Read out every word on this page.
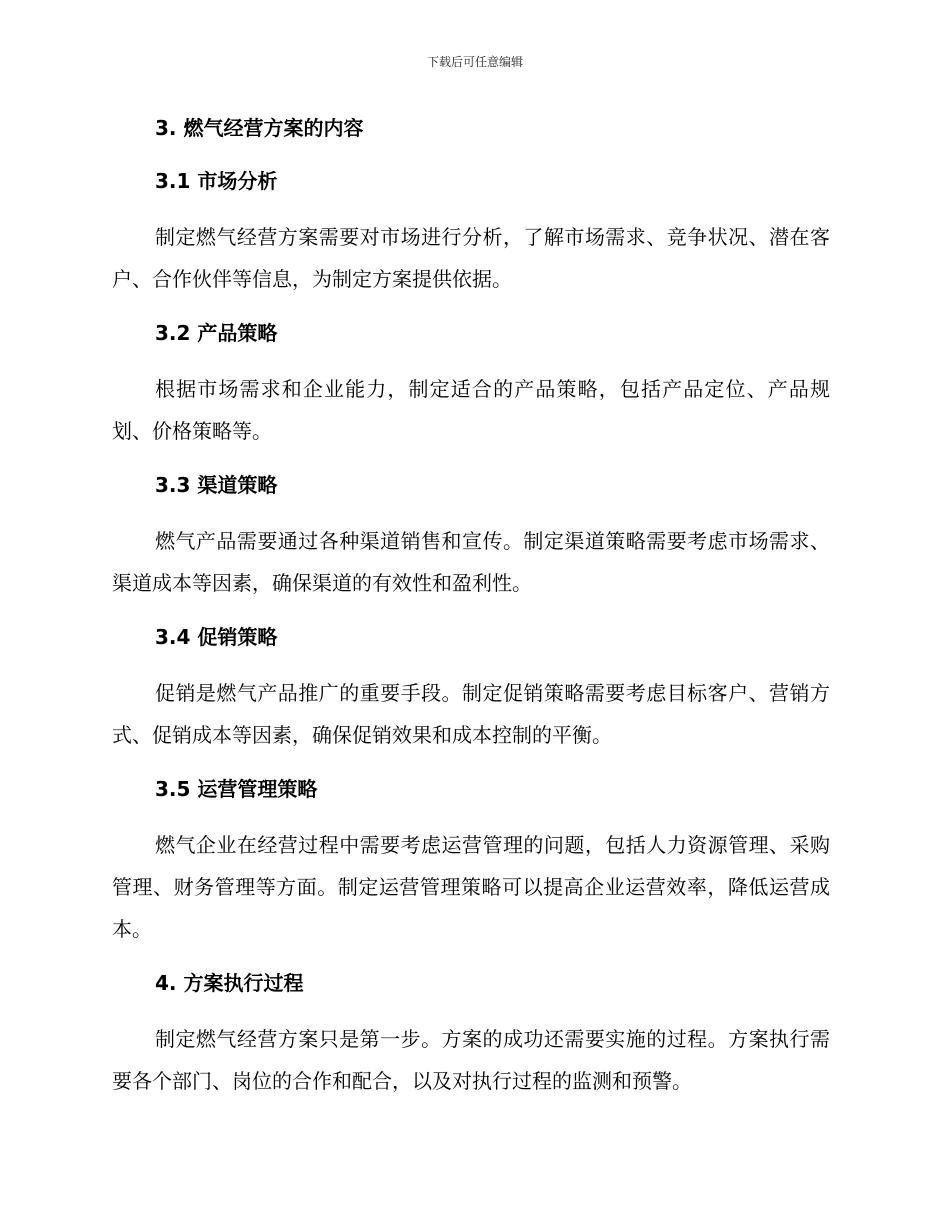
下载后可任意编辑
3. 燃气经营方案的内容
3.1 市场分析

制定燃气经营方案需要对市场进行分析，了解市场需求、竞争状况、潜在客户、合作伙伴等信息，为制定方案提供依据。

3.2 产品策略

根据市场需求和企业能力，制定适合的产品策略，包括产品定位、产品规划、价格策略等。

3.3 渠道策略

燃气产品需要通过各种渠道销售和宣传。制定渠道策略需要考虑市场需求、渠道成本等因素，确保渠道的有效性和盈利性。

3.4 促销策略

促销是燃气产品推广的重要手段。制定促销策略需要考虑目标客户、营销方式、促销成本等因素，确保促销效果和成本控制的平衡。

3.5 运营管理策略

燃气企业在经营过程中需要考虑运营管理的问题，包括人力资源管理、采购管理、财务管理等方面。制定运营管理策略可以提高企业运营效率，降低运营成本。

4. 方案执行过程

制定燃气经营方案只是第一步。方案的成功还需要实施的过程。方案执行需要各个部门、岗位的合作和配合，以及对执行过程的监测和预警。
